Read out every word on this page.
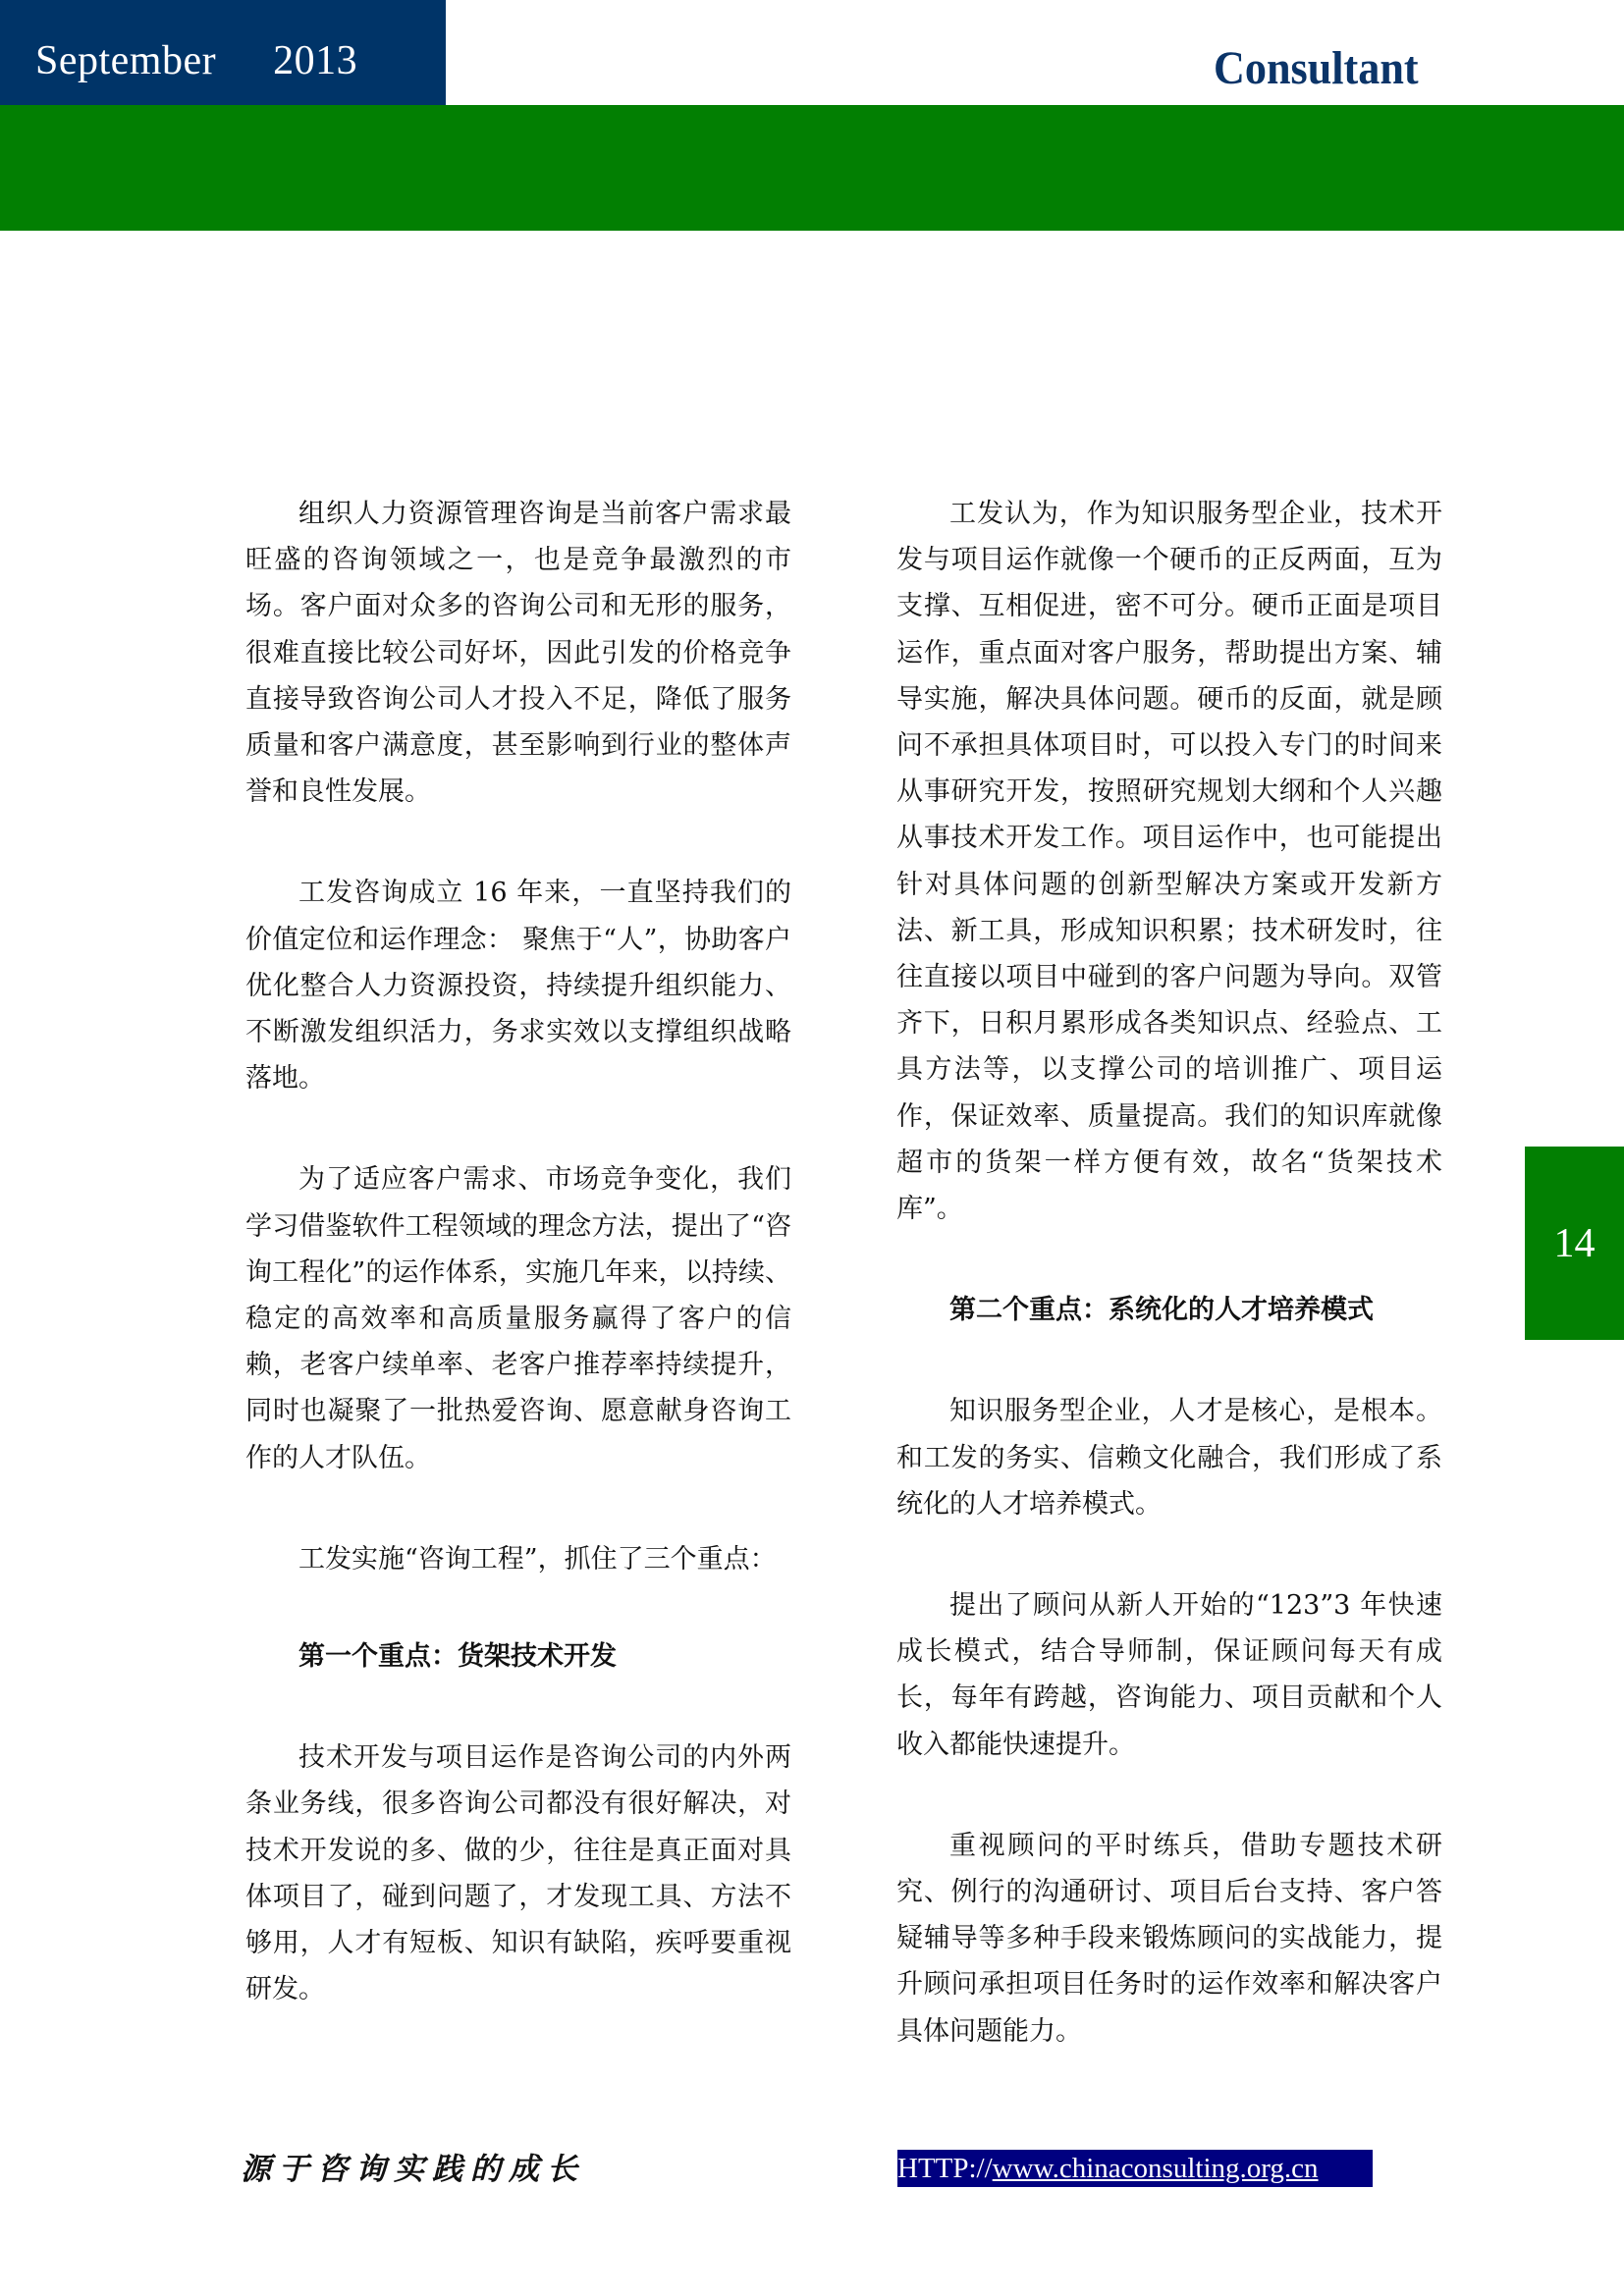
September 2013	Consultant

组织人力资源管理咨询是当前客户需求最旺盛的咨询领域之一，也是竞争最激烈的市场。客户面对众多的咨询公司和无形的服务，很难直接比较公司好坏，因此引发的价格竞争直接导致咨询公司人才投入不足，降低了服务质量和客户满意度，甚至影响到行业的整体声誉和良性发展。

工发咨询成立 16 年来，一直坚持我们的价值定位和运作理念： 聚焦于“人”，协助客户优化整合人力资源投资，持续提升组织能力、不断激发组织活力，务求实效以支撑组织战略落地。

为了适应客户需求、市场竞争变化，我们学习借鉴软件工程领域的理念方法，提出了“咨询工程化”的运作体系，实施几年来，以持续、稳定的高效率和高质量服务赢得了客户的信赖，老客户续单率、老客户推荐率持续提升，同时也凝聚了一批热爱咨询、愿意献身咨询工作的人才队伍。

工发实施“咨询工程”，抓住了三个重点：

第一个重点：货架技术开发

技术开发与项目运作是咨询公司的内外两条业务线，很多咨询公司都没有很好解决，对技术开发说的多、做的少，往往是真正面对具体项目了，碰到问题了，才发现工具、方法不够用，人才有短板、知识有缺陷，疾呼要重视研发。

工发认为，作为知识服务型企业，技术开发与项目运作就像一个硬币的正反两面，互为支撑、互相促进，密不可分。硬币正面是项目运作，重点面对客户服务，帮助提出方案、辅导实施，解决具体问题。硬币的反面，就是顾问不承担具体项目时，可以投入专门的时间来从事研究开发，按照研究规划大纲和个人兴趣从事技术开发工作。项目运作中，也可能提出针对具体问题的创新型解决方案或开发新方法、新工具，形成知识积累；技术研发时，往往直接以项目中碰到的客户问题为导向。双管齐下，日积月累形成各类知识点、经验点、工具方法等，以支撑公司的培训推广、项目运作，保证效率、质量提高。我们的知识库就像超市的货架一样方便有效，故名“货架技术库”。

第二个重点：系统化的人才培养模式

知识服务型企业，人才是核心，是根本。和工发的务实、信赖文化融合，我们形成了系统化的人才培养模式。

提出了顾问从新人开始的“123”3 年快速成长模式，结合导师制，保证顾问每天有成长，每年有跨越，咨询能力、项目贡献和个人收入都能快速提升。

重视顾问的平时练兵，借助专题技术研究、例行的沟通研讨、项目后台支持、客户答疑辅导等多种手段来锻炼顾问的实战能力，提升顾问承担项目任务时的运作效率和解决客户具体问题能力。

14
源于咨询实践的成长	HTTP://www.chinaconsulting.org.cn
